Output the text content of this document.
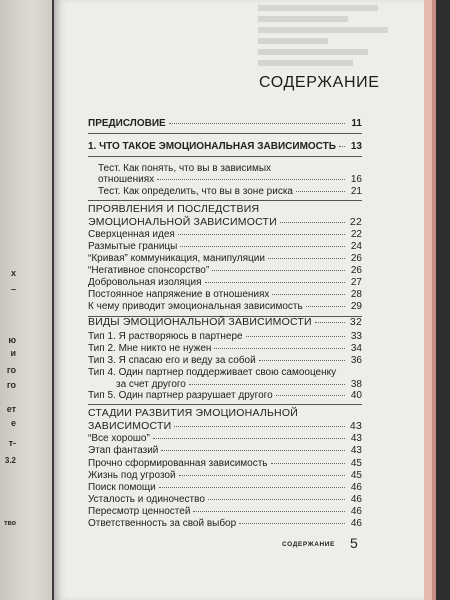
х
–
ю
и
го
го
ет
е
т-
3.2
тво
СОДЕРЖАНИЕ
ПРЕДИСЛОВИЕ	11
1. ЧТО ТАКОЕ ЭМОЦИОНАЛЬНАЯ ЗАВИСИМОСТЬ 13
Тест. Как понять, что вы в зависимых
отношениях	16
Тест. Как определить, что вы в зоне риска	21
ПРОЯВЛЕНИЯ И ПОСЛЕДСТВИЯ
ЭМОЦИОНАЛЬНОЙ ЗАВИСИМОСТИ	22
Сверхценная идея	22
Размытые границы	24
“Кривая” коммуникация, манипуляции	26
“Негативное спонсорство”	26
Добровольная изоляция	27
Постоянное напряжение в отношениях	28
К чему приводит эмоциональная зависимость	29
ВИДЫ ЭМОЦИОНАЛЬНОЙ ЗАВИСИМОСТИ	32
Тип 1. Я растворяюсь в партнере	33
Тип 2. Мне никто не нужен	34
Тип 3. Я спасаю его и веду за собой	36
Тип 4. Один партнер поддерживает свою самооценку
за счет другого	38
Тип 5. Один партнер разрушает другого	40
СТАДИИ РАЗВИТИЯ ЭМОЦИОНАЛЬНОЙ
ЗАВИСИМОСТИ	43
“Все хорошо”	43
Этап фантазий	43
Прочно сформированная зависимость	45
Жизнь под угрозой	45
Поиск помощи	46
Усталость и одиночество	46
Пересмотр ценностей	46
Ответственность за свой выбор	46
СОДЕРЖАНИЕ 5
